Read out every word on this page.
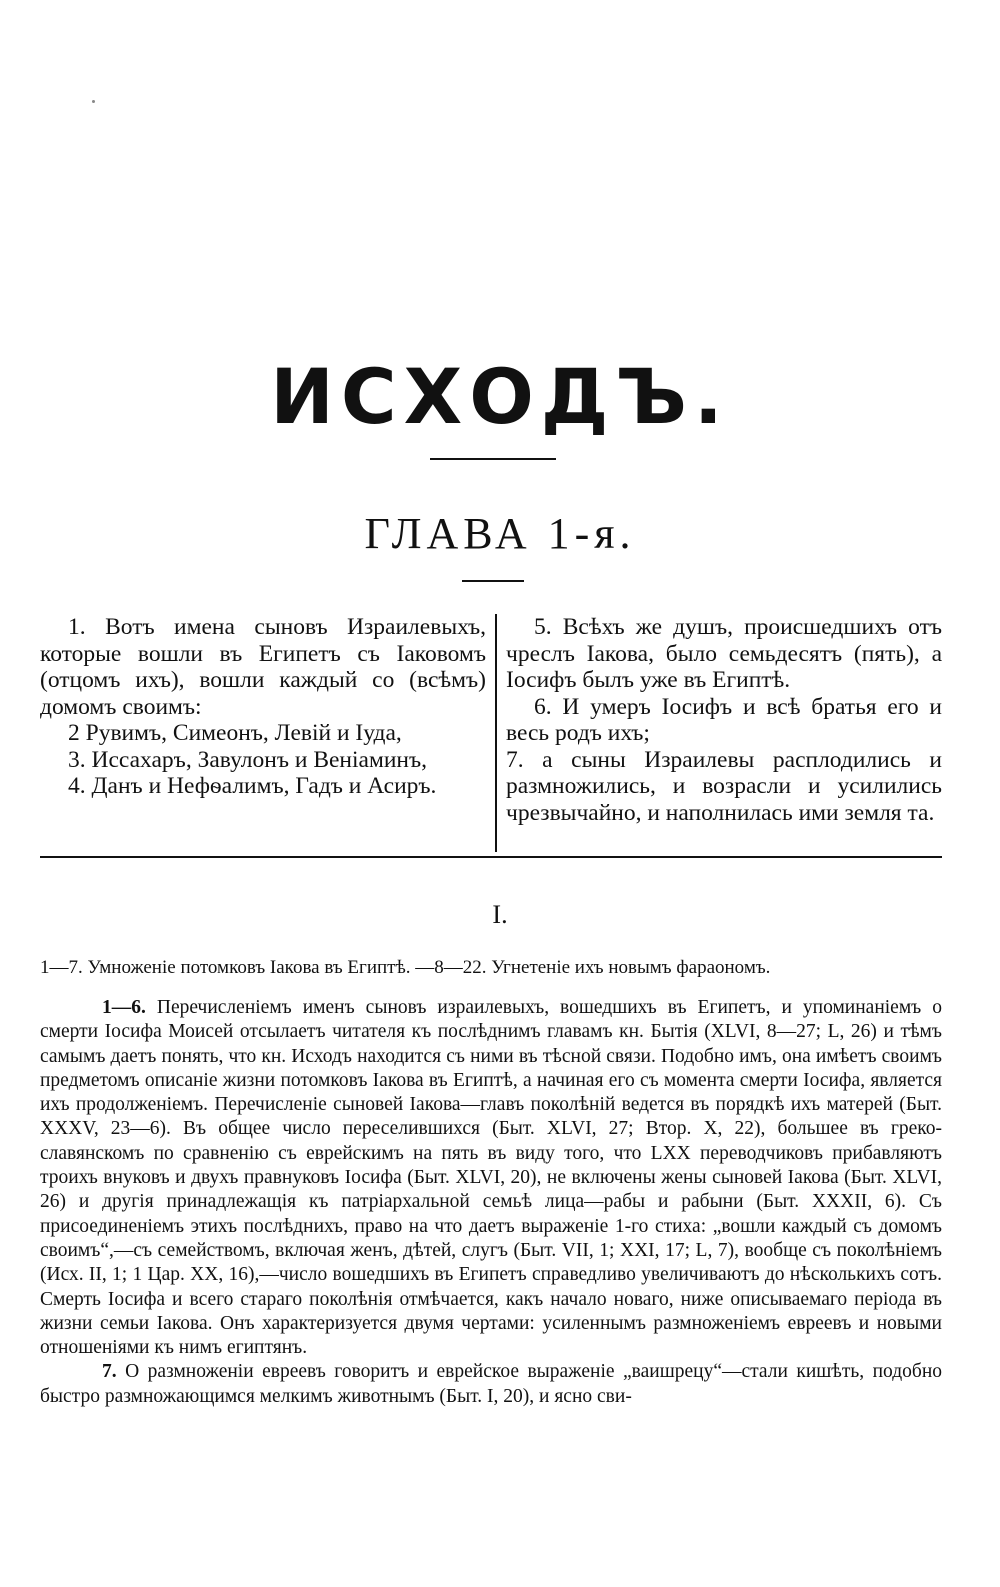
ИСХОДЪ.
ГЛАВА 1-я.

1. Вотъ имена сыновъ Израилевыхъ, которые вошли въ Египетъ съ Іаковомъ (отцомъ ихъ), вошли каждый со (всѣмъ) домомъ своимъ:

2 Рувимъ, Симеонъ, Левій и Іуда,

3. Иссахаръ, Завулонъ и Веніаминъ,

4. Данъ и Нефѳалимъ, Гадъ и Асиръ.

5. Всѣхъ же душъ, происшедшихъ отъ чреслъ Іакова, было семьдесятъ (пять), а Іосифъ былъ уже въ Египтѣ.

6. И умеръ Іосифъ и всѣ братья его и весь родъ ихъ;

7. а сыны Израилевы расплодились и размножились, и возрасли и усилились чрезвычайно, и наполнилась ими земля та.

I.
1—7. Умноженіе потомковъ Іакова въ Египтѣ. —8—22. Угнетеніе ихъ новымъ фараономъ.

1—6. Перечисленіемъ именъ сыновъ израилевыхъ, вошедшихъ въ Египетъ, и упоминаніемъ о смерти Іосифа Моисей отсылаетъ читателя къ послѣднимъ главамъ кн. Бытія (XLVI, 8—27; L, 26) и тѣмъ самымъ даетъ понять, что кн. Исходъ находится съ ними въ тѣсной связи. Подобно имъ, она имѣетъ своимъ предметомъ описаніе жизни потомковъ Іакова въ Египтѣ, а начиная его съ момента смерти Іосифа, является ихъ продолженіемъ. Перечисленіе сыновей Іакова—главъ поколѣній ведется въ порядкѣ ихъ матерей (Быт. XXXV, 23—6). Въ общее число переселившихся (Быт. XLVI, 27; Втор. X, 22), большее въ греко-славянскомъ по сравненію съ еврейскимъ на пять въ виду того, что LXX переводчиковъ прибавляютъ троихъ внуковъ и двухъ правнуковъ Іосифа (Быт. XLVI, 20), не включены жены сыновей Іакова (Быт. XLVI, 26) и другія принадлежащія къ патріархальной семьѣ лица—рабы и рабыни (Быт. XXXII, 6). Съ присоединеніемъ этихъ послѣднихъ, право на что даетъ выраженіе 1-го стиха: „вошли каждый съ домомъ своимъ“,—съ семействомъ, включая женъ, дѣтей, слугъ (Быт. VII, 1; XXI, 17; L, 7), вообще съ поколѣніемъ (Исх. II, 1; 1 Цар. XX, 16),—число вошедшихъ въ Египетъ справедливо увеличиваютъ до нѣсколькихъ сотъ. Смерть Іосифа и всего стараго поколѣнія отмѣчается, какъ начало новаго, ниже описываемаго періода въ жизни семьи Іакова. Онъ характеризуется двумя чертами: усиленнымъ размноженіемъ евреевъ и новыми отношеніями къ нимъ египтянъ.

7. О размноженіи евреевъ говоритъ и еврейское выраженіе „ваишрецу“—стали кишѣть, подобно быстро размножающимся мелкимъ животнымъ (Быт. I, 20), и ясно сви-
